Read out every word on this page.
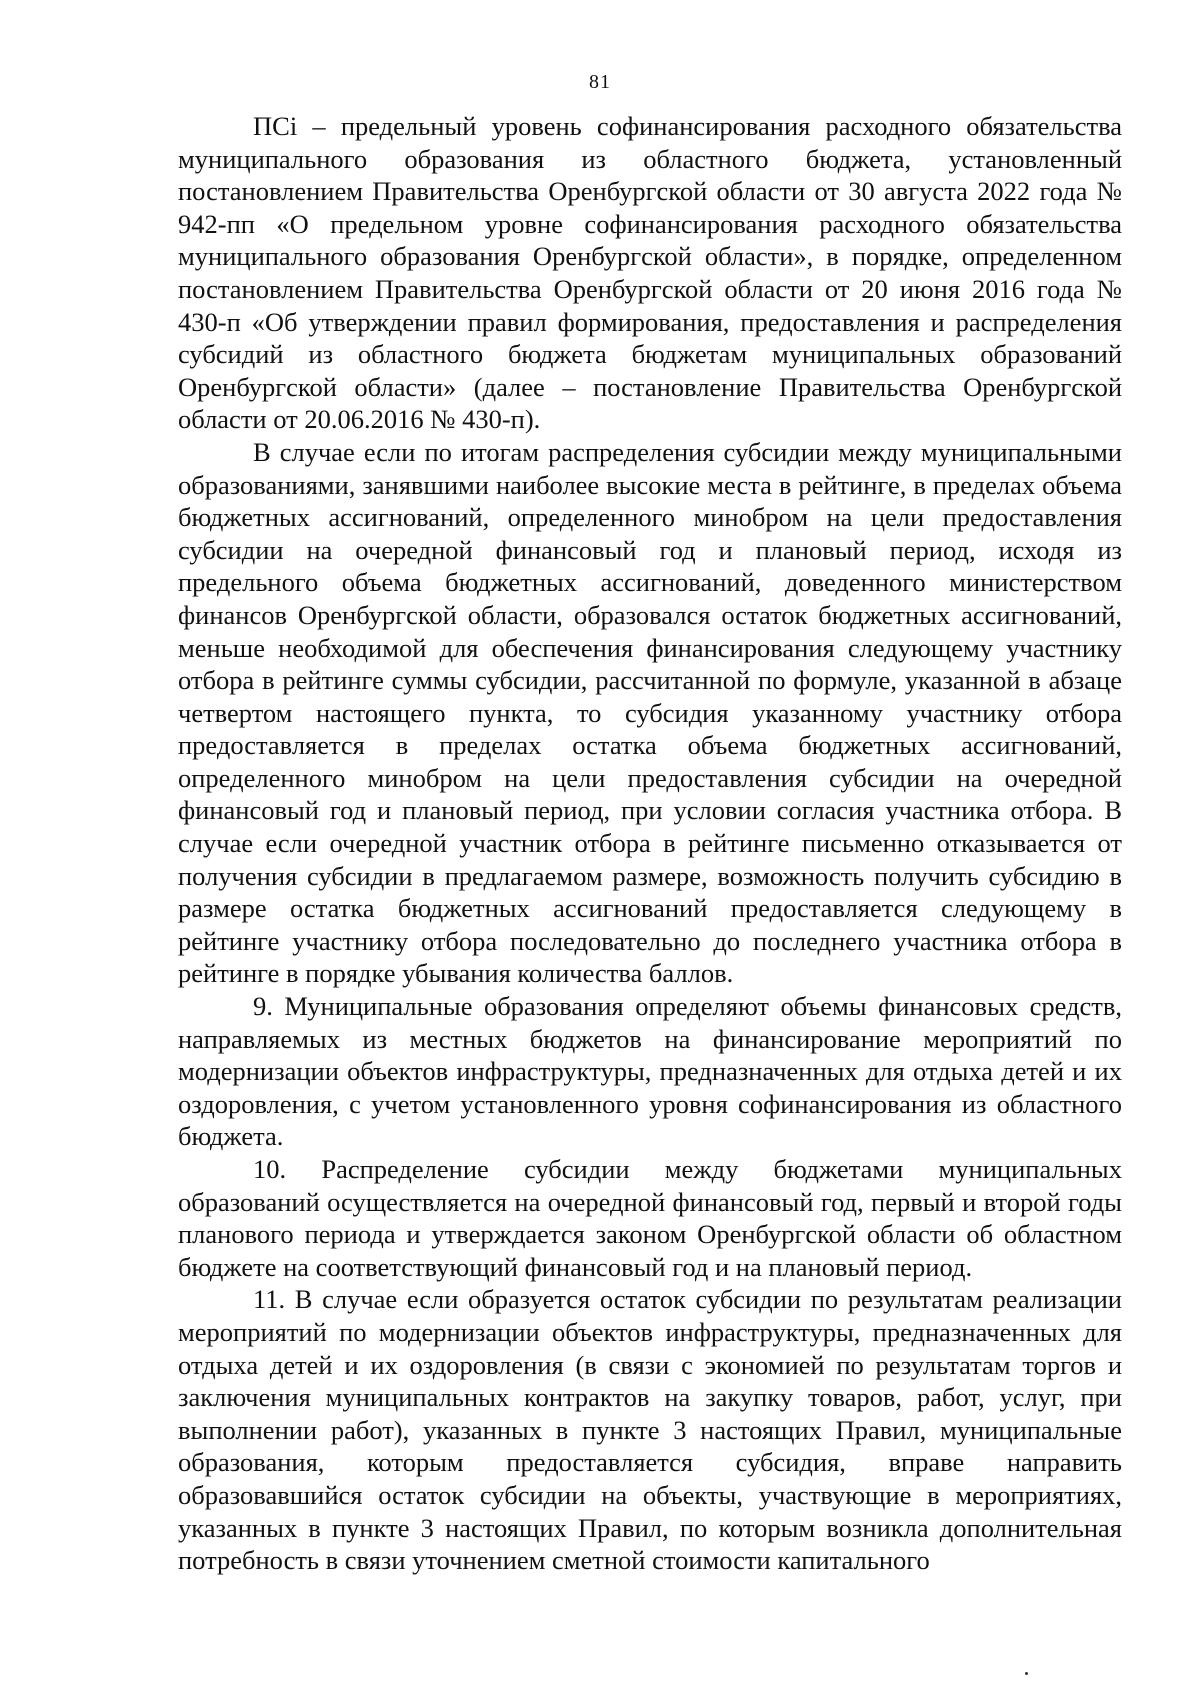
81

ПСі – предельный уровень софинансирования расходного обязательства муниципального образования из областного бюджета, установленный постановлением Правительства Оренбургской области от 30 августа 2022 года № 942-пп «О предельном уровне софинансирования расходного обязательства муниципального образования Оренбургской области», в порядке, определенном постановлением Правительства Оренбургской области от 20 июня 2016 года № 430-п «Об утверждении правил формирования, предоставления и распределения субсидий из областного бюджета бюджетам муниципальных образований Оренбургской области» (далее – постановление Правительства Оренбургской области от 20.06.2016 № 430-п).

В случае если по итогам распределения субсидии между муниципальными образованиями, занявшими наиболее высокие места в рейтинге, в пределах объема бюджетных ассигнований, определенного минобром на цели предоставления субсидии на очередной финансовый год и плановый период, исходя из предельного объема бюджетных ассигнований, доведенного министерством финансов Оренбургской области, образовался остаток бюджетных ассигнований, меньше необходимой для обеспечения финансирования следующему участнику отбора в рейтинге суммы субсидии, рассчитанной по формуле, указанной в абзаце четвертом настоящего пункта, то субсидия указанному участнику отбора предоставляется в пределах остатка объема бюджетных ассигнований, определенного минобром на цели предоставления субсидии на очередной финансовый год и плановый период, при условии согласия участника отбора. В случае если очередной участник отбора в рейтинге письменно отказывается от получения субсидии в предлагаемом размере, возможность получить субсидию в размере остатка бюджетных ассигнований предоставляется следующему в рейтинге участнику отбора последовательно до последнего участника отбора в рейтинге в порядке убывания количества баллов.

9. Муниципальные образования определяют объемы финансовых средств, направляемых из местных бюджетов на финансирование мероприятий по модернизации объектов инфраструктуры, предназначенных для отдыха детей и их оздоровления, с учетом установленного уровня софинансирования из областного бюджета.

10. Распределение субсидии между бюджетами муниципальных образований осуществляется на очередной финансовый год, первый и второй годы планового периода и утверждается законом Оренбургской области об областном бюджете на соответствующий финансовый год и на плановый период.

11. В случае если образуется остаток субсидии по результатам реализации мероприятий по модернизации объектов инфраструктуры, предназначенных для отдыха детей и их оздоровления (в связи с экономией по результатам торгов и заключения муниципальных контрактов на закупку товаров, работ, услуг, при выполнении работ), указанных в пункте 3 настоящих Правил, муниципальные образования, которым предоставляется субсидия, вправе направить образовавшийся остаток субсидии на объекты, участвующие в мероприятиях, указанных в пункте 3 настоящих Правил, по которым возникла дополнительная потребность в связи уточнением сметной стоимости капитального
